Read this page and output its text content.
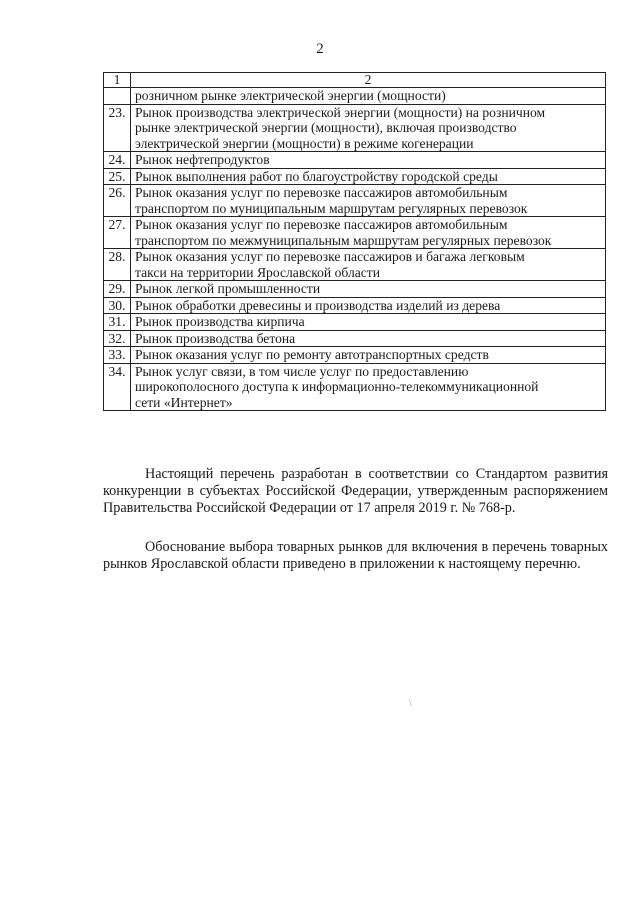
2
1	2

	розничном рынке электрической энергии (мощности)

23.	Рынок производства электрической энергии (мощности) на розничном
рынке электрической энергии (мощности), включая производство
электрической энергии (мощности) в режиме когенерации

24.	Рынок нефтепродуктов

25.	Рынок выполнения работ по благоустройству городской среды

26.	Рынок оказания услуг по перевозке пассажиров автомобильным
транспортом по муниципальным маршрутам регулярных перевозок

27.	Рынок оказания услуг по перевозке пассажиров автомобильным
транспортом по межмуниципальным маршрутам регулярных перевозок

28.	Рынок оказания услуг по перевозке пассажиров и багажа легковым
такси на территории Ярославской области

29.	Рынок легкой промышленности

30.	Рынок обработки древесины и производства изделий из дерева

31.	Рынок производства кирпича

32.	Рынок производства бетона

33.	Рынок оказания услуг по ремонту автотранспортных средств

34.	Рынок услуг связи, в том числе услуг по предоставлению
широкополосного доступа к информационно-телекоммуникационной
сети «Интернет»

Настоящий перечень разработан в соответствии со Стандартом развития конкуренции в субъектах Российской Федерации, утвержденным распоряжением Правительства Российской Федерации от 17 апреля 2019 г. № 768-р.

Обоснование выбора товарных рынков для включения в перечень товарных рынков Ярославской области приведено в приложении к настоящему перечню.

\
